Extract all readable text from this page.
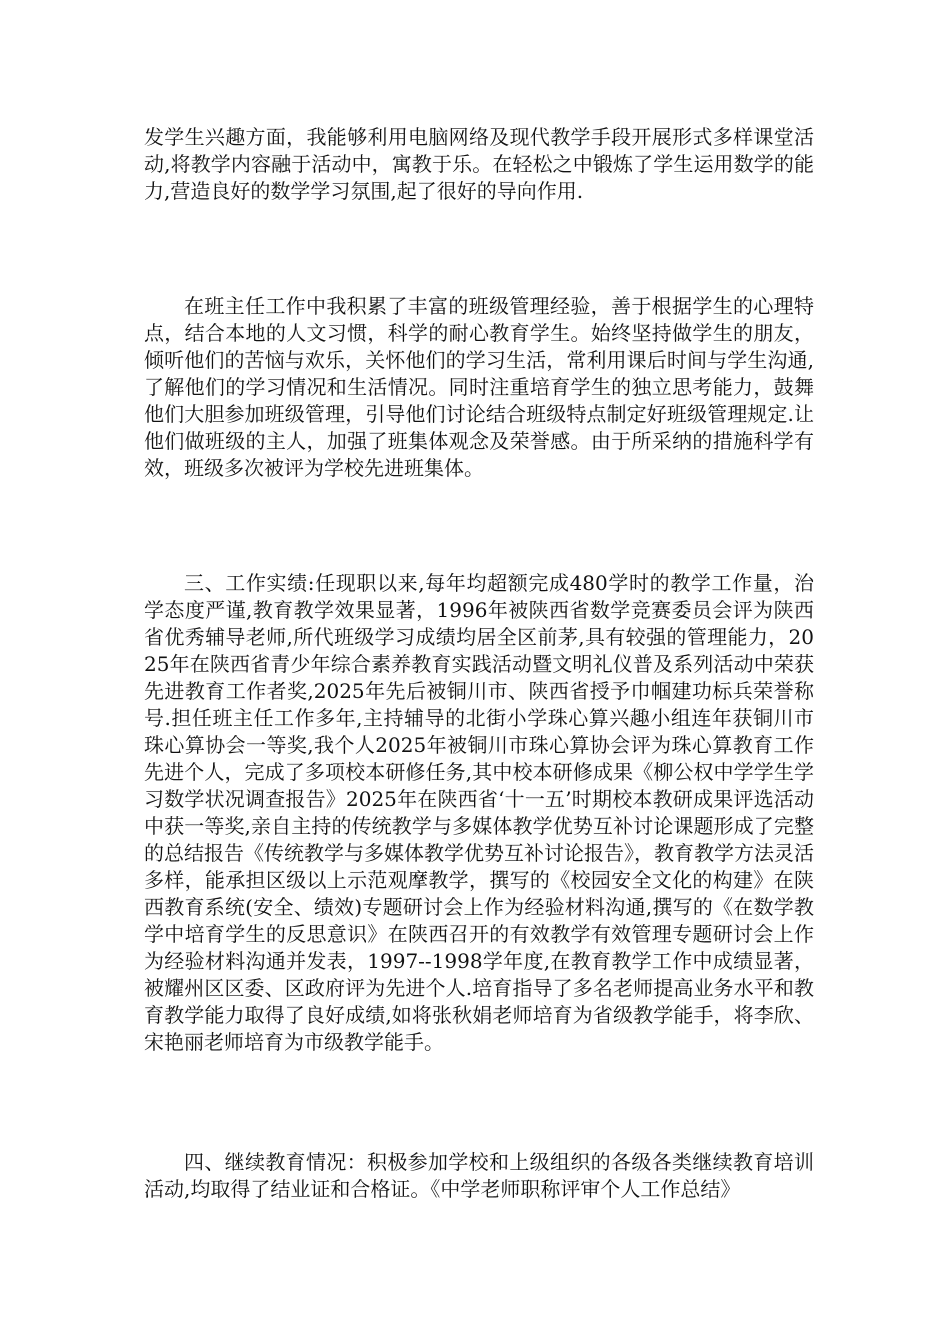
发学生兴趣方面，我能够利用电脑网络及现代教学手段开展形式多样课堂活动,将教学内容融于活动中，寓教于乐。在轻松之中锻炼了学生运用数学的能力,营造良好的数学学习氛围,起了很好的导向作用.

在班主任工作中我积累了丰富的班级管理经验，善于根据学生的心理特点，结合本地的人文习惯，科学的耐心教育学生。始终坚持做学生的朋友，倾听他们的苦恼与欢乐，关怀他们的学习生活，常利用课后时间与学生沟通,了解他们的学习情况和生活情况。同时注重培育学生的独立思考能力，鼓舞他们大胆参加班级管理，引导他们讨论结合班级特点制定好班级管理规定.让他们做班级的主人，加强了班集体观念及荣誉感。由于所采纳的措施科学有效，班级多次被评为学校先进班集体。

三、工作实绩:任现职以来,每年均超额完成480学时的教学工作量，治学态度严谨,教育教学效果显著，1996年被陕西省数学竞赛委员会评为陕西省优秀辅导老师,所代班级学习成绩均居全区前茅,具有较强的管理能力，2025年在陕西省青少年综合素养教育实践活动暨文明礼仪普及系列活动中荣获先进教育工作者奖,2025年先后被铜川市、陕西省授予巾帼建功标兵荣誉称号.担任班主任工作多年,主持辅导的北街小学珠心算兴趣小组连年获铜川市珠心算协会一等奖,我个人2025年被铜川市珠心算协会评为珠心算教育工作先进个人，完成了多项校本研修任务,其中校本研修成果《柳公权中学学生学习数学状况调查报告》2025年在陕西省‘十一五’时期校本教研成果评选活动中获一等奖,亲自主持的传统教学与多媒体教学优势互补讨论课题形成了完整的总结报告《传统教学与多媒体教学优势互补讨论报告》，教育教学方法灵活多样，能承担区级以上示范观摩教学，撰写的《校园安全文化的构建》在陕西教育系统(安全、绩效)专题研讨会上作为经验材料沟通,撰写的《在数学教学中培育学生的反思意识》在陕西召开的有效教学有效管理专题研讨会上作为经验材料沟通并发表，1997--1998学年度,在教育教学工作中成绩显著，被耀州区区委、区政府评为先进个人.培育指导了多名老师提高业务水平和教育教学能力取得了良好成绩,如将张秋娟老师培育为省级教学能手，将李欣、宋艳丽老师培育为市级教学能手。

四、继续教育情况：积极参加学校和上级组织的各级各类继续教育培训活动,均取得了结业证和合格证。《中学老师职称评审个人工作总结》
